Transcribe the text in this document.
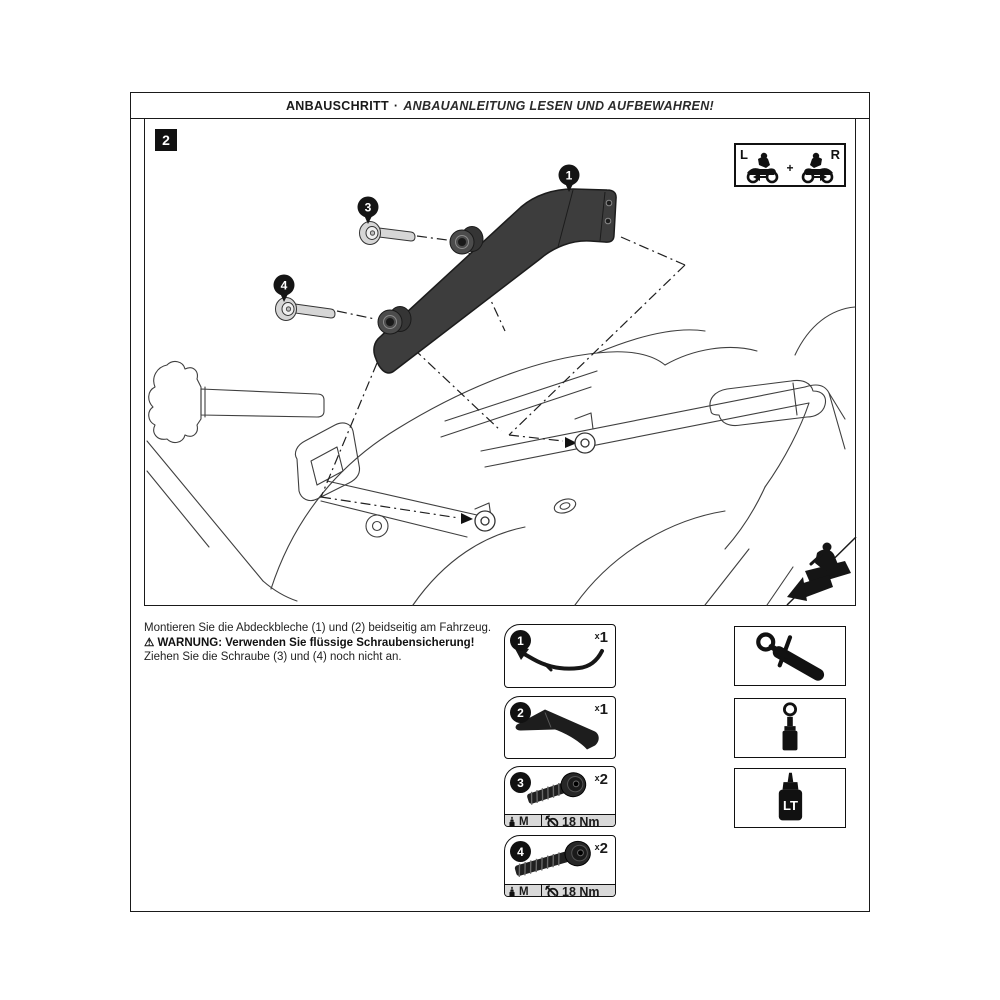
ANBAUSCHRITT · ANBAUANLEITUNG LESEN UND AUFBEWAHREN!
1
3
4
2
L	R
+
Montieren Sie die Abdeckbleche (1) und (2) beidseitig am Fahrzeug.
⚠ WARNUNG: Verwenden Sie flüssige Schraubensicherung!
Ziehen Sie die Schraube (3) und (4) noch nicht an.
1	x1
2	x1
3	x2
M	18 Nm
4	x2
M	18 Nm
LT
